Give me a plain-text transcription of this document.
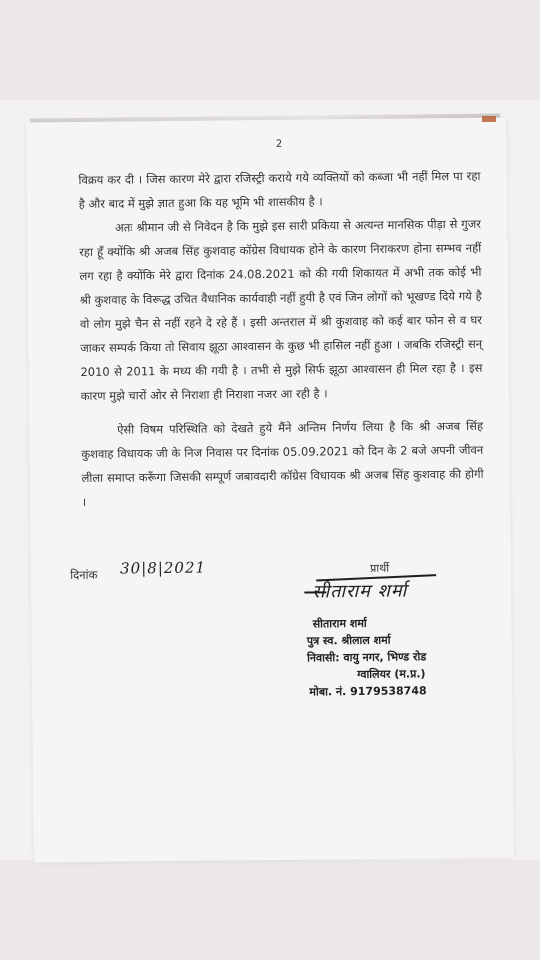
2

विक्रय कर दी । जिस कारण मेरे द्वारा रजिस्ट्री कराये गये व्यक्तियों को कब्जा भी नहीं मिल पा रहा है और बाद में मुझे ज्ञात हुआ कि यह भूमि भी शासकीय है ।

अतः श्रीमान जी से निवेदन है कि मुझे इस सारी प्रकिया से अत्यन्त मानसिक पीड़ा से गुजर रहा हूँ क्योंकि श्री अजब सिंह कुशवाह कॉग्रेस विधायक होने के कारण निराकरण होना सम्भव नहीं लग रहा है क्योंकि मेरे द्वारा दिनांक 24.08.2021 को की गयी शिकायत में अभी तक कोई भी श्री कुशवाह के विरूद्ध उचित वैधानिक कार्यवाही नहीं हुयी है एवं जिन लोगों को भूखण्ड दिये गये है वो लोग मुझे चैन से नहीं रहने दे रहे हैं । इसी अन्तराल में श्री कुशवाह को कई बार फोन से व घर जाकर सम्पर्क किया तो सिवाय झूठा आश्वासन के कुछ भी हासिल नहीं हुआ । जबकि रजिस्ट्री सन् 2010 से 2011 के मध्य की गयी है । तभी से मुझे सिर्फ झूठा आश्वासन ही मिल रहा है । इस कारण मुझे चारों ओर से निराशा ही निराशा नजर आ रही है ।

ऐसी विषम परिस्थिति को देखते हुये मैंने अन्तिम निर्णय लिया है कि श्री अजब सिंह कुशवाह विधायक जी के निज निवास पर दिनांक 05.09.2021 को दिन के 2 बजे अपनी जीवन लीला समाप्त करूँगा जिसकी सम्पूर्ण जबावदारी कॉग्रेस विधायक श्री अजब सिंह कुशवाह की होगी ।

दिनांक 30|8|2021	प्रार्थी
सीताराम शर्मा
सीताराम शर्मा
पुत्र स्व. श्रीलाल शर्मा
निवासी: वायु नगर, भिण्ड रोड
ग्वालियर (म.प्र.)
मोबा. नं. 9179538748
